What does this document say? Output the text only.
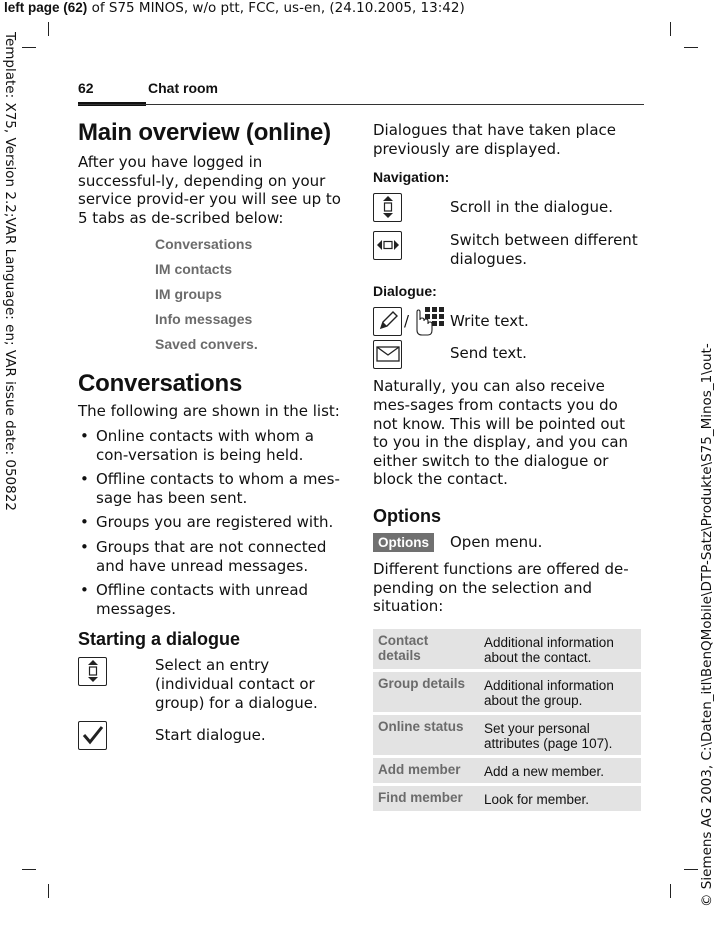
left page (62) of S75 MINOS, w/o ptt, FCC, us-en, (24.10.2005, 13:42)
Template: X75, Version 2.2;VAR Language: en; VAR issue date: 050822
© Siemens AG 2003, C:\Daten_itl\BenQMobile\DTP-Satz\Produkte\S75_Minos_1\out-
62	Chat room
Main overview (online)

After you have logged in successful-ly, depending on your service provid-er you will see up to 5 tabs as de-scribed below:

Conversations
IM contacts
IM groups
Info messages
Saved convers.
Conversations

The following are shown in the list:

• Online contacts with whom a con-versation is being held.
• Offline contacts to whom a mes-sage has been sent.
• Groups you are registered with.
• Groups that are not connected and have unread messages.
• Offline contacts with unread messages.
Starting a dialogue

Select an entry (individual contact or group) for a dialogue.

Start dialogue.

Dialogues that have taken place previously are displayed.

Navigation:

Scroll in the dialogue.

Switch between different dialogues.

Dialogue:
/	Write text.

Send text.

Naturally, you can also receive mes-sages from contacts you do not know. This will be pointed out to you in the display, and you can either switch to the dialogue or block the contact.

Options
Options	Open menu.

Different functions are offered de-pending on the selection and situation:

Contact details	Additional information about the contact.
Group details	Additional information about the group.
Online status	Set your personal attributes (page 107).
Add member	Add a new member.
Find member	Look for member.
